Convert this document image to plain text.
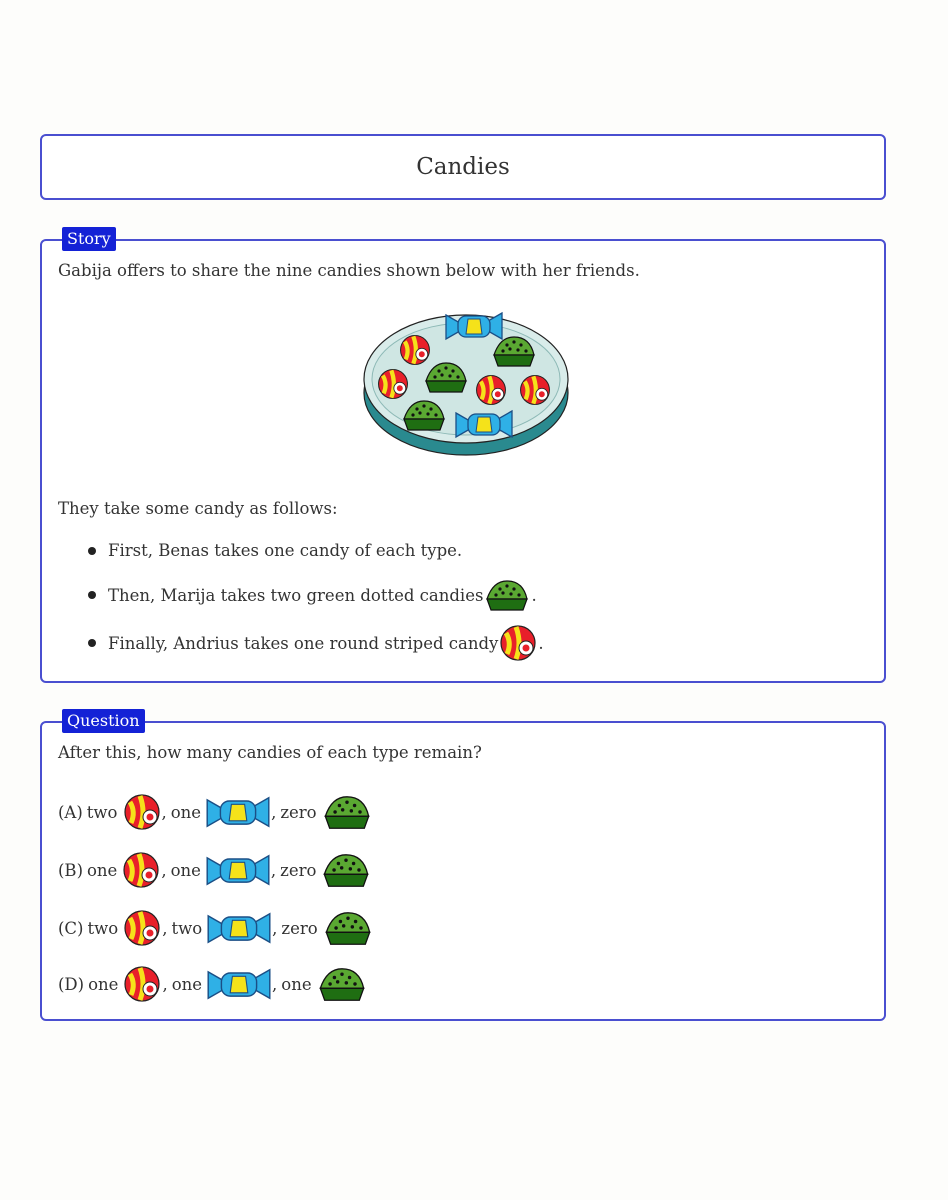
Candies
Story
Gabija offers to share the nine candies shown below with her friends.
They take some candy as follows:
First, Benas takes one candy of each type.
Then, Marija takes two green dotted candies	.
Finally, Andrius takes one round striped candy .
Question
After this, how many candies of each type remain?
(A) two	, one	, zero
(B) one	, one	, zero
(C) two	, two	, zero
(D) one	, one	, one
